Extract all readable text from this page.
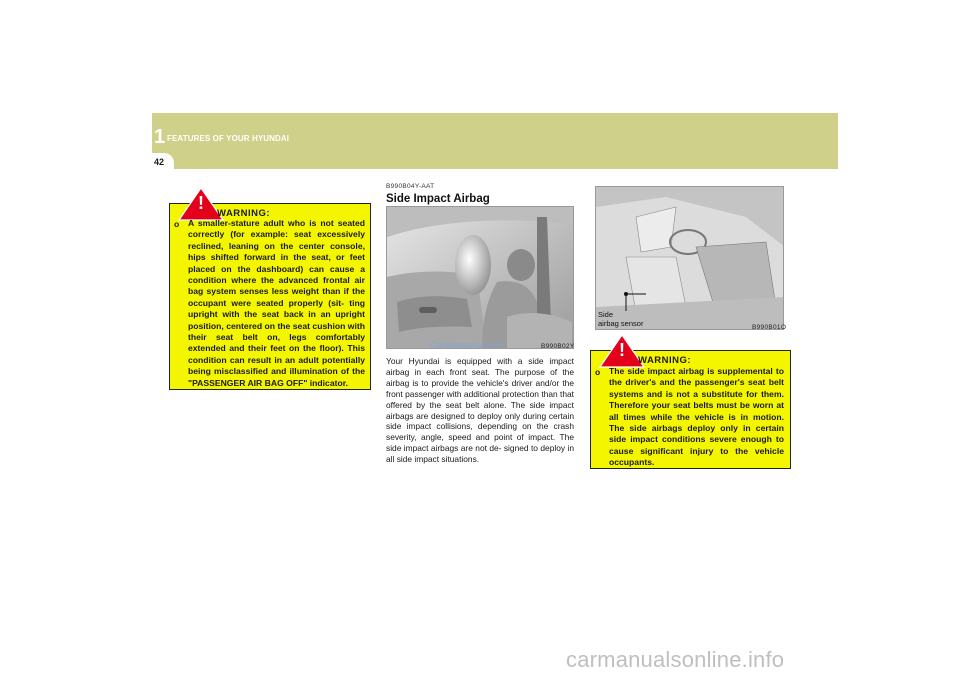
1 FEATURES OF YOUR HYUNDAI
42
!
WARNING:
o A smaller-stature adult who is not seated correctly (for example: seat excessively reclined, leaning on the center console, hips shifted forward in the seat, or feet placed on the dashboard) can cause a condition where the advanced frontal air bag system senses less weight than if the occupant were seated properly (sit- ting upright with the seat back in an upright position, centered on the seat cushion with their seat belt on, legs comfortably extended and their feet on the floor). This condition can result in an adult potentially being misclassified and illumination of the "PASSENGER AIR BAG OFF" indicator.
B990B04Y-AAT
Side Impact Airbag
CarManuals2.com	B990B02Y
Your Hyundai is equipped with a side impact airbag in each front seat. The purpose of the airbag is to provide the vehicle's driver and/or the front passenger with additional protection than that offered by the seat belt alone. The side impact airbags are designed to deploy only during certain side impact collisions, depending on the crash severity, angle, speed and point of impact. The side impact airbags are not de- signed to deploy in all side impact situations.
Side
airbag sensor	B990B01O
!
WARNING:
o The side impact airbag is supplemental to the driver's and the passenger's seat belt systems and is not a substitute for them. Therefore your seat belts must be worn at all times while the vehicle is in motion. The side airbags deploy only in certain side impact conditions severe enough to cause significant injury to the vehicle occupants.
carmanualsonline.info
